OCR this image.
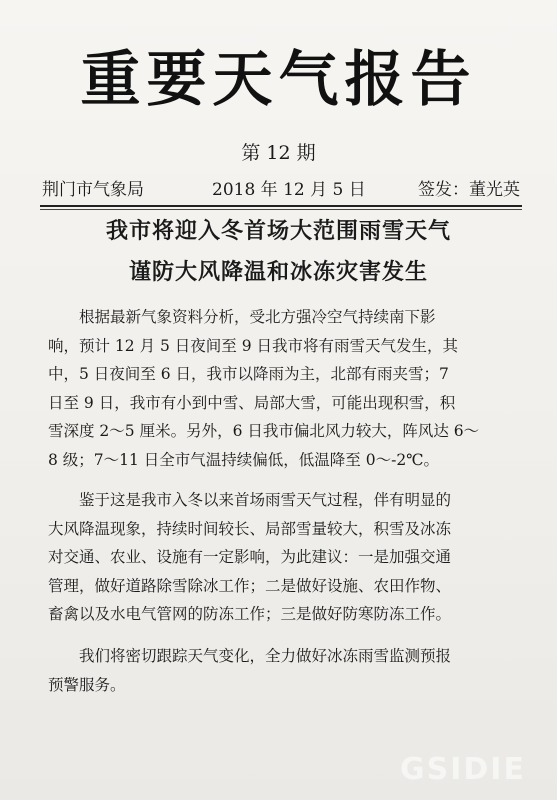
重要天气报告
第 12 期
荆门市气象局	2018 年 12 月 5 日	签发：董光英
我市将迎入冬首场大范围雨雪天气
谨防大风降温和冰冻灾害发生
根据最新气象资料分析，受北方强冷空气持续南下影
响，预计 12 月 5 日夜间至 9 日我市将有雨雪天气发生，其
中，5 日夜间至 6 日，我市以降雨为主，北部有雨夹雪；7
日至 9 日，我市有小到中雪、局部大雪，可能出现积雪，积
雪深度 2～5 厘米。另外，6 日我市偏北风力较大，阵风达 6～
8 级；7～11 日全市气温持续偏低，低温降至 0～-2℃。
鉴于这是我市入冬以来首场雨雪天气过程，伴有明显的
大风降温现象，持续时间较长、局部雪量较大，积雪及冰冻
对交通、农业、设施有一定影响，为此建议：一是加强交通
管理，做好道路除雪除冰工作；二是做好设施、农田作物、
畜禽以及水电气管网的防冻工作；三是做好防寒防冻工作。
我们将密切跟踪天气变化，全力做好冰冻雨雪监测预报
预警服务。
GSIDIE
